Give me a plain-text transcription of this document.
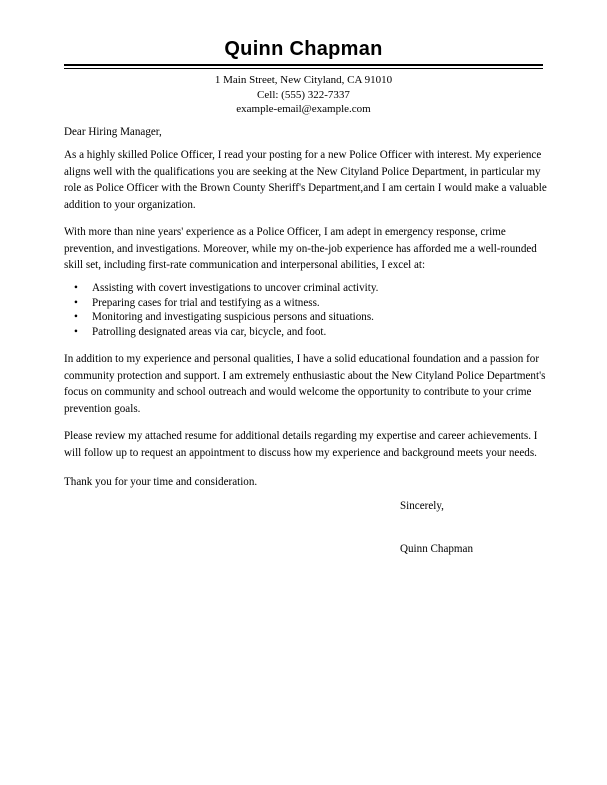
Quinn Chapman
1 Main Street, New Cityland, CA 91010
Cell: (555) 322-7337
example-email@example.com
Dear Hiring Manager,
As a highly skilled Police Officer, I read your posting for a new Police Officer with interest. My experience aligns well with the qualifications you are seeking at the New Cityland Police Department, in particular my role as Police Officer with the Brown County Sheriff's Department,and I am certain I would make a valuable addition to your organization.
With more than nine years' experience as a Police Officer, I am adept in emergency response, crime prevention, and investigations. Moreover, while my on-the-job experience has afforded me a well-rounded skill set, including first-rate communication and interpersonal abilities, I excel at:
• Assisting with covert investigations to uncover criminal activity.
• Preparing cases for trial and testifying as a witness.
• Monitoring and investigating suspicious persons and situations.
• Patrolling designated areas via car, bicycle, and foot.
In addition to my experience and personal qualities, I have a solid educational foundation and a passion for community protection and support. I am extremely enthusiastic about the New Cityland Police Department's focus on community and school outreach and would welcome the opportunity to contribute to your crime prevention goals.
Please review my attached resume for additional details regarding my expertise and career achievements. I will follow up to request an appointment to discuss how my experience and background meets your needs.
Thank you for your time and consideration.
Sincerely,
Quinn Chapman
